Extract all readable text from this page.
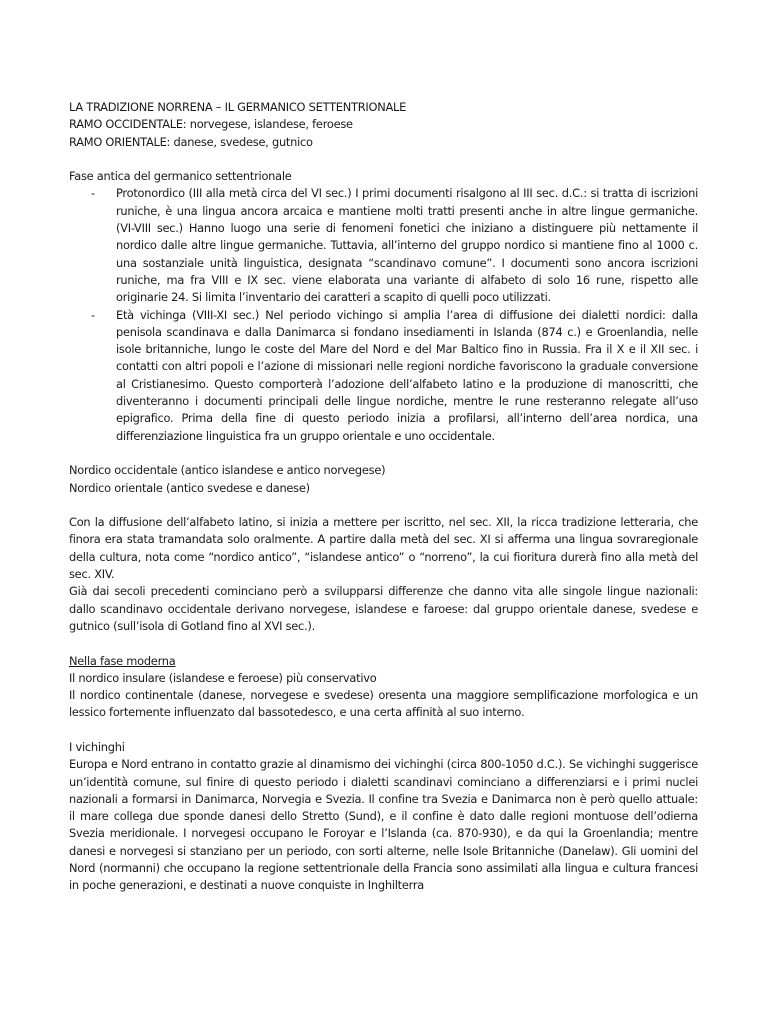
LA TRADIZIONE NORRENA – IL GERMANICO SETTENTRIONALE

RAMO OCCIDENTALE: norvegese, islandese, feroese

RAMO ORIENTALE: danese, svedese, gutnico

Fase antica del germanico settentrionale

- Protonordico (III alla metà circa del VI sec.) I primi documenti risalgono al III sec. d.C.: si tratta di iscrizioni runiche, è una lingua ancora arcaica e mantiene molti tratti presenti anche in altre lingue germaniche. (VI-VIII sec.) Hanno luogo una serie di fenomeni fonetici che iniziano a distinguere più nettamente il nordico dalle altre lingue germaniche. Tuttavia, all’interno del gruppo nordico si mantiene fino al 1000 c. una sostanziale unità linguistica, designata “scandinavo comune”. I documenti sono ancora iscrizioni runiche, ma fra VIII e IX sec. viene elaborata una variante di alfabeto di solo 16 rune, rispetto alle originarie 24. Si limita l’inventario dei caratteri a scapito di quelli poco utilizzati.

- Età vichinga (VIII-XI sec.) Nel periodo vichingo si amplia l’area di diffusione dei dialetti nordici: dalla penisola scandinava e dalla Danimarca si fondano insediamenti in Islanda (874 c.) e Groenlandia, nelle isole britanniche, lungo le coste del Mare del Nord e del Mar Baltico fino in Russia. Fra il X e il XII sec. i contatti con altri popoli e l’azione di missionari nelle regioni nordiche favoriscono la graduale conversione al Cristianesimo. Questo comporterà l’adozione dell’alfabeto latino e la produzione di manoscritti, che diventeranno i documenti principali delle lingue nordiche, mentre le rune resteranno relegate all’uso epigrafico. Prima della fine di questo periodo inizia a profilarsi, all’interno dell’area nordica, una differenziazione linguistica fra un gruppo orientale e uno occidentale.

Nordico occidentale (antico islandese e antico norvegese)

Nordico orientale (antico svedese e danese)

Con la diffusione dell’alfabeto latino, si inizia a mettere per iscritto, nel sec. XII, la ricca tradizione letteraria, che finora era stata tramandata solo oralmente. A partire dalla metà del sec. XI si afferma una lingua sovraregionale della cultura, nota come “nordico antico”, “islandese antico” o “norreno”, la cui fioritura durerà fino alla metà del sec. XIV.

Già dai secoli precedenti cominciano però a svilupparsi differenze che danno vita alle singole lingue nazionali: dallo scandinavo occidentale derivano norvegese, islandese e faroese: dal gruppo orientale danese, svedese e gutnico (sull’isola di Gotland fino al XVI sec.).

Nella fase moderna

Il nordico insulare (islandese e feroese) più conservativo

Il nordico continentale (danese, norvegese e svedese) oresenta una maggiore semplificazione morfologica e un lessico fortemente influenzato dal bassotedesco, e una certa affinità al suo interno.

I vichinghi

Europa e Nord entrano in contatto grazie al dinamismo dei vichinghi (circa 800-1050 d.C.). Se vichinghi suggerisce un’identità comune, sul finire di questo periodo i dialetti scandinavi cominciano a differenziarsi e i primi nuclei nazionali a formarsi in Danimarca, Norvegia e Svezia. Il confine tra Svezia e Danimarca non è però quello attuale: il mare collega due sponde danesi dello Stretto (Sund), e il confine è dato dalle regioni montuose dell’odierna Svezia meridionale. I norvegesi occupano le Foroyar e l’Islanda (ca. 870-930), e da qui la Groenlandia; mentre danesi e norvegesi si stanziano per un periodo, con sorti alterne, nelle Isole Britanniche (Danelaw). Gli uomini del Nord (normanni) che occupano la regione settentrionale della Francia sono assimilati alla lingua e cultura francesi in poche generazioni, e destinati a nuove conquiste in Inghilterra
